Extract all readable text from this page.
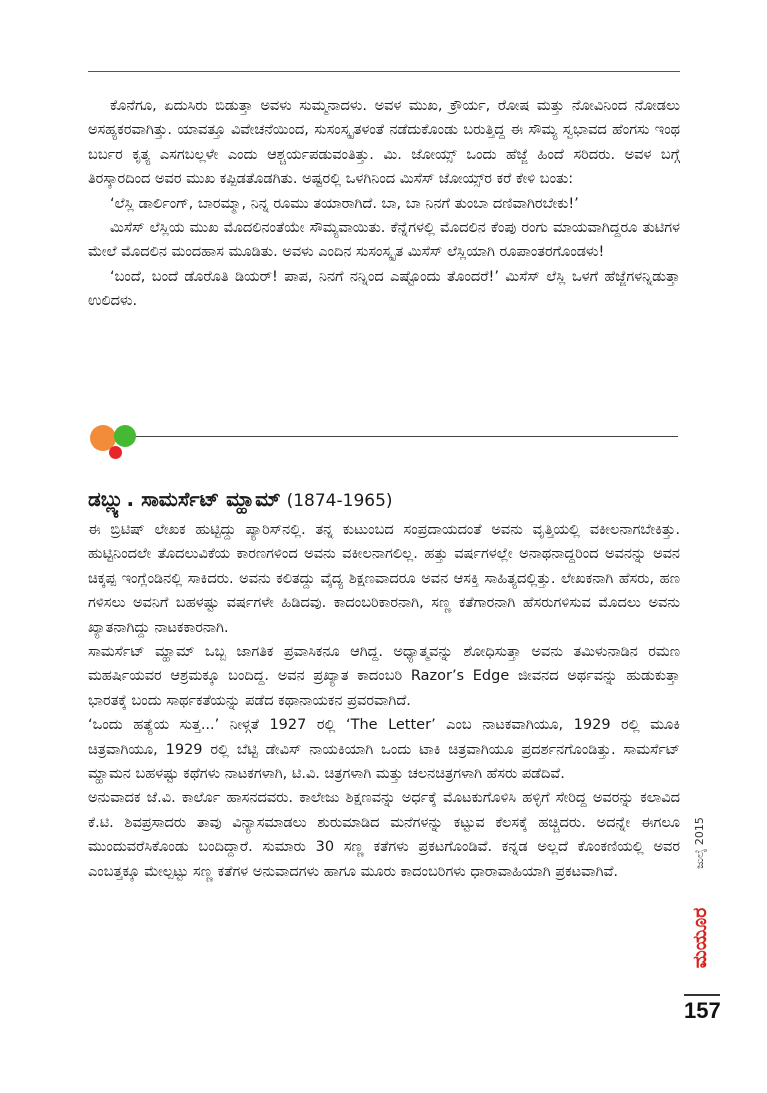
ಕೊನೆಗೂ, ಏದುಸಿರು ಬಿಡುತ್ತಾ ಅವಳು ಸುಮ್ಮನಾದಳು. ಅವಳ ಮುಖ, ಕ್ರೌರ್ಯ, ರೋಷ ಮತ್ತು ನೋವಿನಿಂದ ನೋಡಲು ಅಸಹ್ಯಕರವಾಗಿತ್ತು. ಯಾವತ್ತೂ ವಿವೇಚನೆಯಿಂದ, ಸುಸಂಸ್ಕೃತಳಂತೆ ನಡೆದುಕೊಂಡು ಬರುತ್ತಿದ್ದ ಈ ಸೌಮ್ಯ ಸ್ವಭಾವದ ಹೆಂಗಸು ಇಂಥ ಬರ್ಬರ ಕೃತ್ಯ ಎಸಗಬಲ್ಲಳೇ ಎಂದು ಆಶ್ಚರ್ಯಪಡುವಂತಿತ್ತು. ಮಿ. ಜೋಯ್ಸ್ ಒಂದು ಹೆಜ್ಜೆ ಹಿಂದೆ ಸರಿದರು. ಅವಳ ಬಗ್ಗೆ ತಿರಸ್ಕಾರದಿಂದ ಅವರ ಮುಖ ಕಪ್ಪಿಡತೊಡಗಿತು. ಅಷ್ಟರಲ್ಲಿ ಒಳಗಿನಿಂದ ಮಿಸೆಸ್ ಜೋಯ್ಸ್‌ರ ಕರೆ ಕೇಳಿ ಬಂತು:

‘ಲೆಸ್ಲಿ ಡಾರ್ಲಿಂಗ್, ಬಾರಮ್ಮಾ, ನಿನ್ನ ರೂಮು ತಯಾರಾಗಿದೆ. ಬಾ, ಬಾ ನಿನಗೆ ತುಂಬಾ ದಣಿವಾಗಿರಬೇಕು!’

ಮಿಸೆಸ್ ಲೆಸ್ಲಿಯ ಮುಖ ಮೊದಲಿನಂತೆಯೇ ಸೌಮ್ಯವಾಯಿತು. ಕೆನ್ನೆಗಳಲ್ಲಿ ಮೊದಲಿನ ಕೆಂಪು ರಂಗು ಮಾಯವಾಗಿದ್ದರೂ ತುಟಿಗಳ ಮೇಲೆ ಮೊದಲಿನ ಮಂದಹಾಸ ಮೂಡಿತು. ಅವಳು ಎಂದಿನ ಸುಸಂಸ್ಕೃತ ಮಿಸೆಸ್ ಲೆಸ್ಲಿಯಾಗಿ ರೂಪಾಂತರಗೊಂಡಳು!

‘ಬಂದೆ, ಬಂದೆ ಡೊರೊತಿ ಡಿಯರ್! ಪಾಪ, ನಿನಗೆ ನನ್ನಿಂದ ಎಷ್ಟೊಂದು ತೊಂದರೆ!’ ಮಿಸೆಸ್ ಲೆಸ್ಲಿ ಒಳಗೆ ಹೆಜ್ಜೆಗಳನ್ನಿಡುತ್ತಾ ಉಲಿದಳು.

ಡಬ್ಲ್ಯು. ಸಾಮರ್ಸೆಟ್ ಮ್ಹಾಮ್ (1874-1965)

ಈ ಬ್ರಿಟಿಷ್ ಲೇಖಕ ಹುಟ್ಟಿದ್ದು ಪ್ಯಾರಿಸ್‌ನಲ್ಲಿ. ತನ್ನ ಕುಟುಂಬದ ಸಂಪ್ರದಾಯದಂತೆ ಅವನು ವೃತ್ತಿಯಲ್ಲಿ ವಕೀಲನಾಗಬೇಕಿತ್ತು. ಹುಟ್ಟಿನಿಂದಲೇ ತೊದಲುವಿಕೆಯ ಕಾರಣಗಳಿಂದ ಅವನು ವಕೀಲನಾಗಲಿಲ್ಲ. ಹತ್ತು ವರ್ಷಗಳಲ್ಲೇ ಅನಾಥನಾದ್ದರಿಂದ ಅವನನ್ನು ಅವನ ಚಿಕ್ಕಪ್ಪ ಇಂಗ್ಲೆಂಡಿನಲ್ಲಿ ಸಾಕಿದರು. ಅವನು ಕಲಿತದ್ದು ವೈದ್ಯ ಶಿಕ್ಷಣವಾದರೂ ಅವನ ಆಸಕ್ತಿ ಸಾಹಿತ್ಯದಲ್ಲಿತ್ತು. ಲೇಖಕನಾಗಿ ಹೆಸರು, ಹಣ ಗಳಿಸಲು ಅವನಿಗೆ ಬಹಳಷ್ಟು ವರ್ಷಗಳೇ ಹಿಡಿದವು. ಕಾದಂಬರಿಕಾರನಾಗಿ, ಸಣ್ಣ ಕತೆಗಾರನಾಗಿ ಹೆಸರುಗಳಿಸುವ ಮೊದಲು ಅವನು ಖ್ಯಾತನಾಗಿದ್ದು ನಾಟಕಕಾರನಾಗಿ.

ಸಾಮರ್ಸೆಟ್ ಮ್ಹಾಮ್ ಒಬ್ಬ ಜಾಗತಿಕ ಪ್ರವಾಸಿಕನೂ ಆಗಿದ್ದ. ಅಧ್ಯಾತ್ಮವನ್ನು ಶೋಧಿಸುತ್ತಾ ಅವನು ತಮಿಳುನಾಡಿನ ರಮಣ ಮಹರ್ಷಿಯವರ ಆಶ್ರಮಕ್ಕೂ ಬಂದಿದ್ದ. ಅವನ ಪ್ರಖ್ಯಾತ ಕಾದಂಬರಿ Razor’s Edge ಜೀವನದ ಅರ್ಥವನ್ನು ಹುಡುಕುತ್ತಾ ಭಾರತಕ್ಕೆ ಬಂದು ಸಾರ್ಥಕತೆಯನ್ನು ಪಡೆದ ಕಥಾನಾಯಕನ ಪ್ರವರವಾಗಿದೆ.

‘ಒಂದು ಹತ್ಯೆಯ ಸುತ್ತ...’ ನೀಳ್ಗತೆ 1927 ರಲ್ಲಿ ‘The Letter’ ಎಂಬ ನಾಟಕವಾಗಿಯೂ, 1929 ರಲ್ಲಿ ಮೂಕಿ ಚಿತ್ರವಾಗಿಯೂ, 1929 ರಲ್ಲಿ ಬೆಟ್ಟಿ ಡೇವಿಸ್ ನಾಯಕಿಯಾಗಿ ಒಂದು ಟಾಕಿ ಚಿತ್ರವಾಗಿಯೂ ಪ್ರದರ್ಶನಗೊಂಡಿತ್ತು. ಸಾಮರ್ಸೆಟ್ ಮ್ಹಾಮನ ಬಹಳಷ್ಟು ಕಥೆಗಳು ನಾಟಕಗಳಾಗಿ, ಟಿ.ವಿ. ಚಿತ್ರಗಳಾಗಿ ಮತ್ತು ಚಲನಚಿತ್ರಗಳಾಗಿ ಹೆಸರು ಪಡೆದಿವೆ.

ಅನುವಾದಕ ಜೆ.ವಿ. ಕಾರ್ಲೊ ಹಾಸನದವರು. ಕಾಲೇಜು ಶಿಕ್ಷಣವನ್ನು ಅರ್ಧಕ್ಕೆ ಮೊಟಕುಗೊಳಿಸಿ ಹಳ್ಳಿಗೆ ಸೇರಿದ್ದ ಅವರನ್ನು ಕಲಾವಿದ ಕೆ.ಟಿ. ಶಿವಪ್ರಸಾದರು ತಾವು ವಿನ್ಯಾಸಮಾಡಲು ಶುರುಮಾಡಿದ ಮನೆಗಳನ್ನು ಕಟ್ಟುವ ಕೆಲಸಕ್ಕೆ ಹಚ್ಚಿದರು. ಅದನ್ನೇ ಈಗಲೂ ಮುಂದುವರೆಸಿಕೊಂಡು ಬಂದಿದ್ದಾರೆ. ಸುಮಾರು 30 ಸಣ್ಣ ಕತೆಗಳು ಪ್ರಕಟಗೊಂಡಿವೆ. ಕನ್ನಡ ಅಲ್ಲದೆ ಕೊಂಕಣಿಯಲ್ಲಿ ಅವರ ಎಂಬತ್ತಕ್ಕೂ ಮೇಲ್ಪಟ್ಟು ಸಣ್ಣ ಕತೆಗಳ ಅನುವಾದಗಳು ಹಾಗೂ ಮೂರು ಕಾದಂಬರಿಗಳು ಧಾರಾವಾಹಿಯಾಗಿ ಪ್ರಕಟವಾಗಿವೆ.

ಜುಲೈ 2015
ಮಯೂರ
157
